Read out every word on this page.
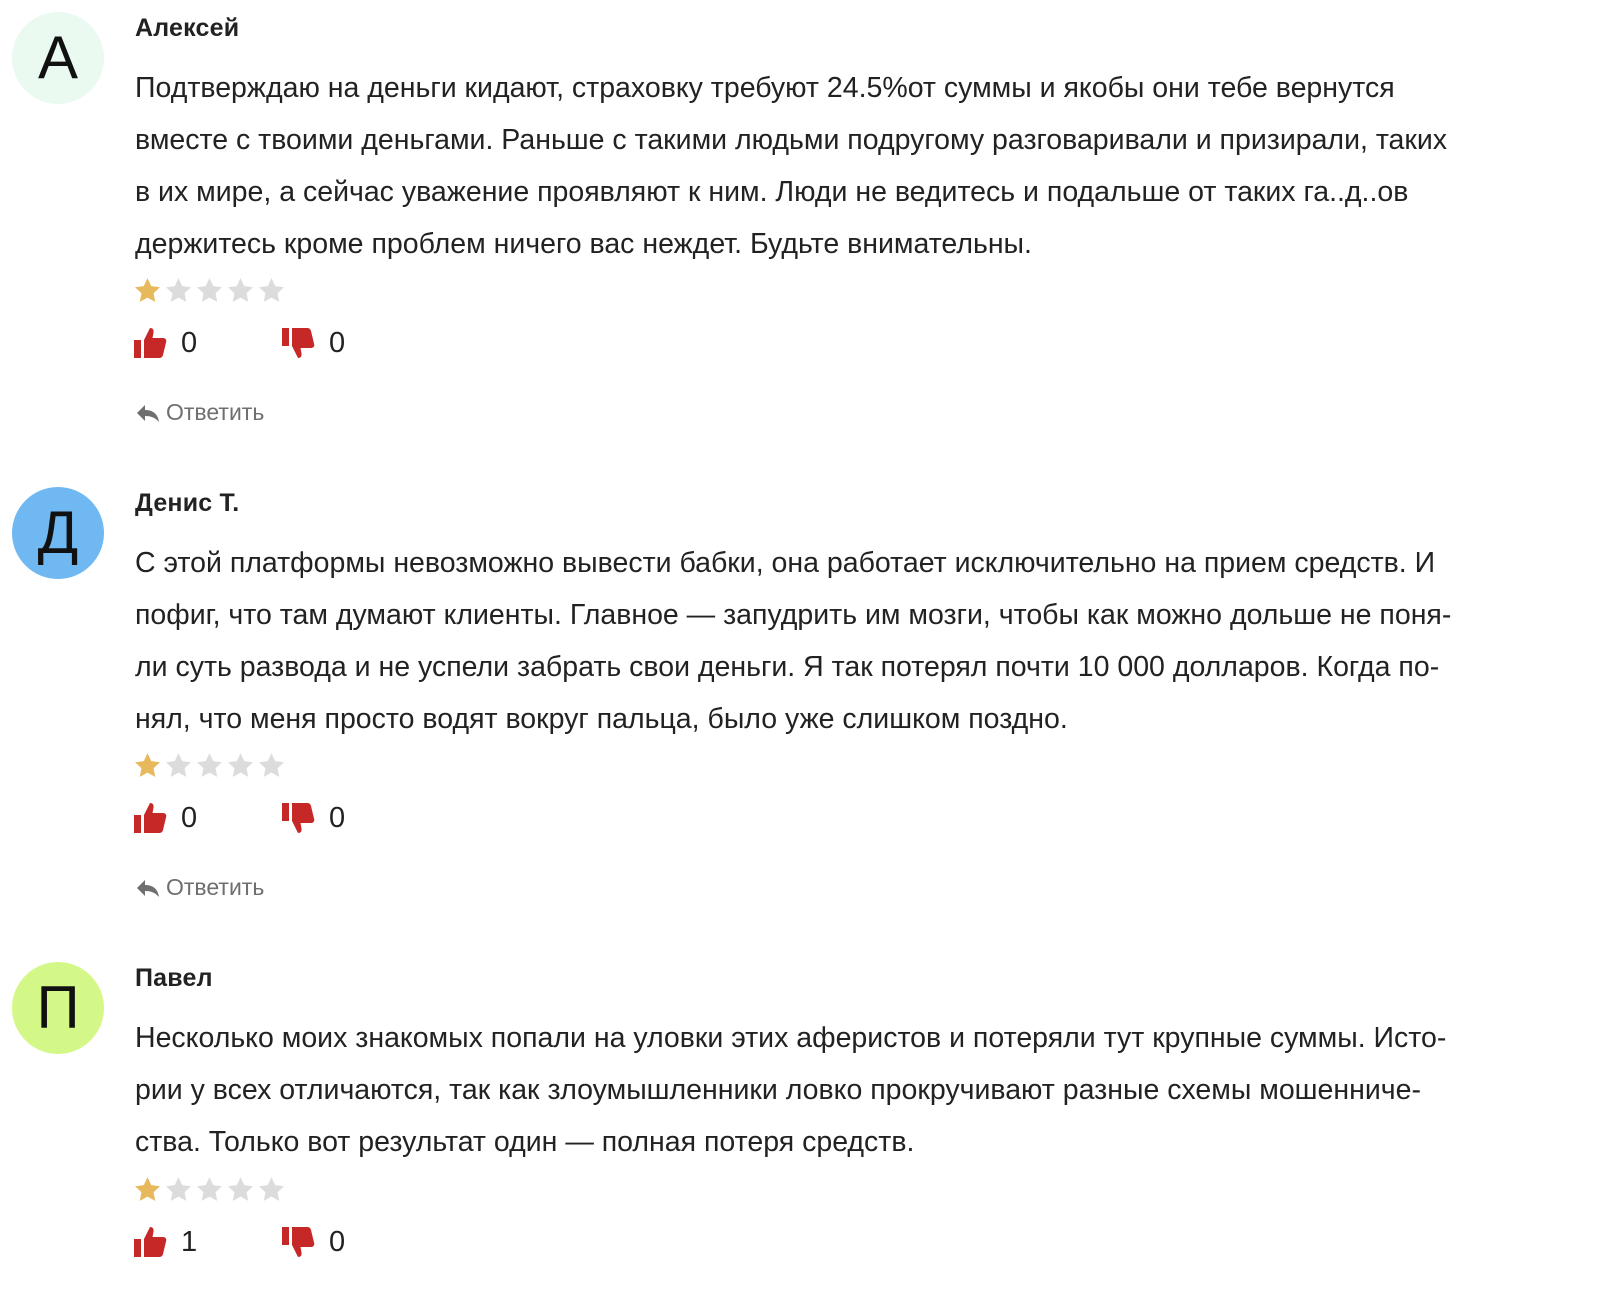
А Алексей
Подтверждаю на деньги кидают, страховку требуют 24.5%от суммы и якобы они тебе вернутся
вместе с твоими деньгами. Раньше с такими людьми подругому разговаривали и призирали, таких
в их мире, а сейчас уважение проявляют к ним. Люди не ведитесь и подальше от таких га..д..ов
держитесь кроме проблем ничего вас неждет. Будьте внимательны.
0	0
Ответить
Д Денис Т.
С этой платформы невозможно вывести бабки, она работает исключительно на прием средств. И
пофиг, что там думают клиенты. Главное — запудрить им мозги, чтобы как можно дольше не поня-
ли суть развода и не успели забрать свои деньги. Я так потерял почти 10 000 долларов. Когда по-
нял, что меня просто водят вокруг пальца, было уже слишком поздно.
0	0
Ответить
П Павел
Несколько моих знакомых попали на уловки этих аферистов и потеряли тут крупные суммы. Исто-
рии у всех отличаются, так как злоумышленники ловко прокручивают разные схемы мошенниче-
ства. Только вот результат один — полная потеря средств.
1	0
